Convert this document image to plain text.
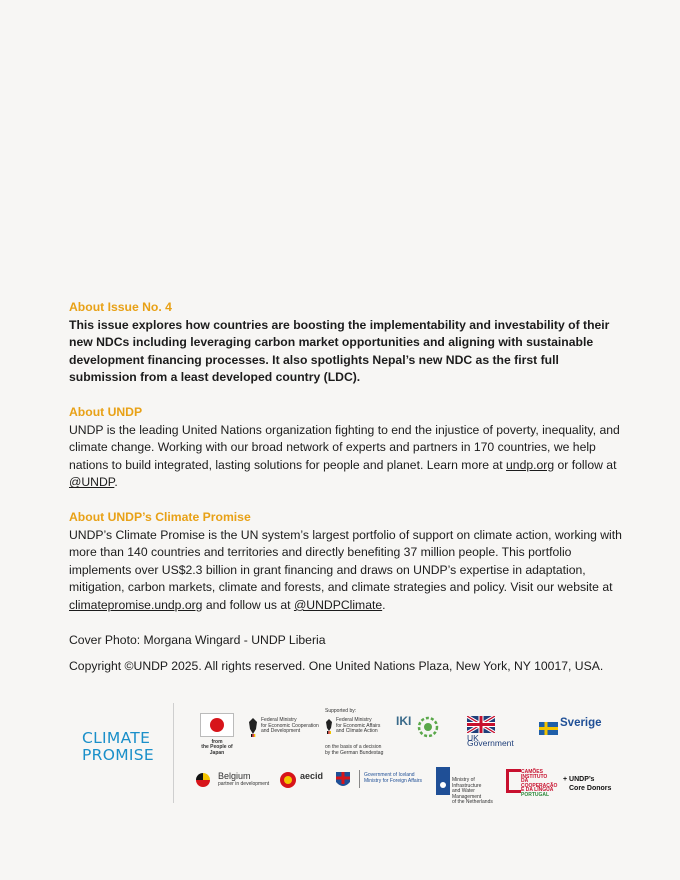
About Issue No. 4
This issue explores how countries are boosting the implementability and investability of their new NDCs including leveraging carbon market opportunities and aligning with sustainable development financing processes. It also spotlights Nepal’s new NDC as the first full submission from a least developed country (LDC).
About UNDP
UNDP is the leading United Nations organization fighting to end the injustice of poverty, inequality, and climate change. Working with our broad network of experts and partners in 170 countries, we help nations to build integrated, lasting solutions for people and planet. Learn more at undp.org or follow at @UNDP.
About UNDP’s Climate Promise
UNDP’s Climate Promise is the UN system’s largest portfolio of support on climate action, working with more than 140 countries and territories and directly benefiting 37 million people. This portfolio implements over US$2.3 billion in grant financing and draws on UNDP’s expertise in adaptation, mitigation, carbon markets, climate and forests, and climate strategies and policy. Visit our website at climatepromise.undp.org and follow us at @UNDPClimate.
Cover Photo: Morgana Wingard - UNDP Liberia
Copyright ©UNDP 2025. All rights reserved. One United Nations Plaza, New York, NY 10017, USA.
CLIMATE
PROMISE
from
the People of Japan
Federal Ministry
for Economic Cooperation
and Development
Supported by:
Federal Ministry
for Economic Affairs
and Climate Action
on the basis of a decision
by the German Bundestag
IKI
UK Government
Sverige
Belgium
partner in development
aecid	Government of Iceland
Ministry for Foreign Affairs	Ministry of Infrastructure
and Water Management
of the Netherlands
CAMÕES
INSTITUTO
DA COOPERAÇÃO
E DA LÍNGUA
PORTUGAL
+ UNDP’s
Core Donors
